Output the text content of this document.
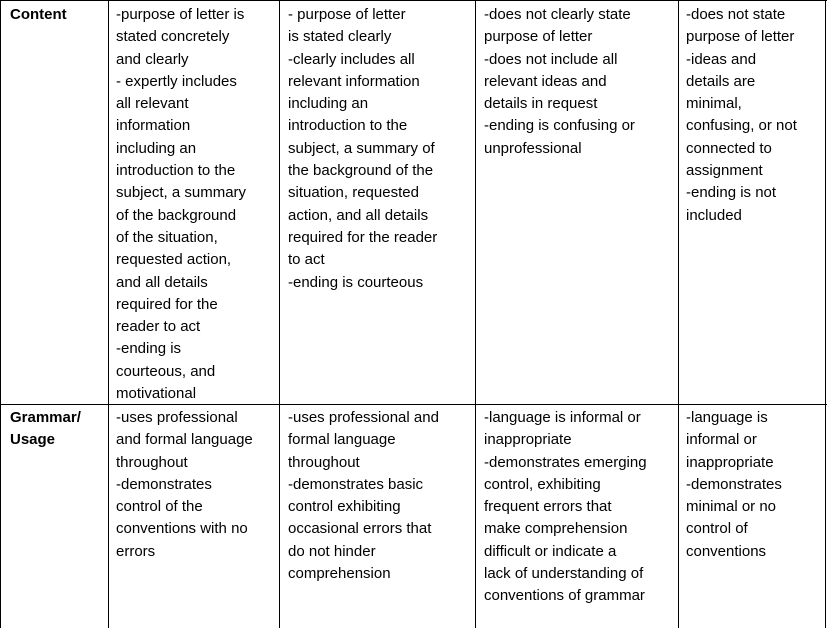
Content	-purpose of letter is
stated concretely
and clearly
- expertly includes
all relevant
information
including an
introduction to the
subject, a summary
of the background
of the situation,
requested action,
and all details
required for the
reader to act
-ending is
courteous, and
motivational
- purpose of letter
is stated clearly
-clearly includes all
relevant information
including an
introduction to the
subject, a summary of
the background of the
situation, requested
action, and all details
required for the reader
to act
-ending is courteous
-does not clearly state
purpose of letter
-does not include all
relevant ideas and
details in request
-ending is confusing or
unprofessional
-does not state
purpose of letter
-ideas and
details are
minimal,
confusing, or not
connected to
assignment
-ending is not
included
Grammar/
Usage
-uses professional
and formal language
throughout
-demonstrates
control of the
conventions with no
errors
-uses professional and
formal language
throughout
-demonstrates basic
control exhibiting
occasional errors that
do not hinder
comprehension
-language is informal or
inappropriate
-demonstrates emerging
control, exhibiting
frequent errors that
make comprehension
difficult or indicate a
lack of understanding of
conventions of grammar
-language is
informal or
inappropriate
-demonstrates
minimal or no
control of
conventions
